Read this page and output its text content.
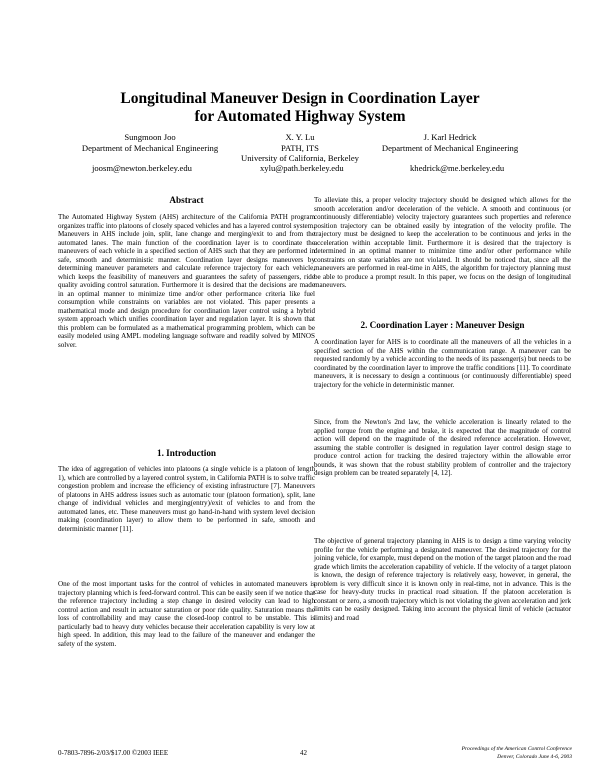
Longitudinal Maneuver Design in Coordination Layer
for Automated Highway System
Sungmoon Joo
Department of Mechanical Engineering
X. Y. Lu
PATH, ITS
J. Karl Hedrick
Department of Mechanical Engineering
University of California, Berkeley
joosm@newton.berkeley.edu	xylu@path.berkeley.edu	khedrick@me.berkeley.edu
Abstract

The Automated Highway System (AHS) architecture of the California PATH program organizes traffic into platoons of closely spaced vehicles and has a layered control system. Maneuvers in AHS include join, split, lane change and merging/exit to and from the automated lanes. The main function of the coordination layer is to coordinate the maneuvers of each vehicle in a specified section of AHS such that they are performed in safe, smooth and deterministic manner. Coordination layer designs maneuvers by determining maneuver parameters and calculate reference trajectory for each vehicle, which keeps the feasibility of maneuvers and guarantees the safety of passengers, ride quality avoiding control saturation. Furthermore it is desired that the decisions are made in an optimal manner to minimize time and/or other performance criteria like fuel consumption while constraints on variables are not violated. This paper presents a mathematical mode and design procedure for coordination layer control using a hybrid system approach which unifies coordination layer and regulation layer. It is shown that this problem can be formulated as a mathematical programming problem, which can be easily modeled using AMPL modeling language software and readily solved by MINOS solver.

1. Introduction

The idea of aggregation of vehicles into platoons (a single vehicle is a platoon of length 1), which are controlled by a layered control system, in California PATH is to solve traffic congestion problem and increase the efficiency of existing infrastructure [7]. Maneuvers of platoons in AHS address issues such as automatic tour (platoon formation), split, lane change of individual vehicles and merging(entry)/exit of vehicles to and from the automated lanes, etc. These maneuvers must go hand-in-hand with system level decision making (coordination layer) to allow them to be performed in safe, smooth and deterministic manner [11].

One of the most important tasks for the control of vehicles in automated maneuvers is trajectory planning which is feed-forward control. This can be easily seen if we notice that the reference trajectory including a step change in desired velocity can lead to high control action and result in actuator saturation or poor ride quality. Saturation means the loss of controllability and may cause the closed-loop control to be unstable. This is particularly bad to heavy duty vehicles because their acceleration capability is very low at high speed. In addition, this may lead to the failure of the maneuver and endanger the safety of the system.

To alleviate this, a proper velocity trajectory should be designed which allows for the smooth acceleration and/or deceleration of the vehicle. A smooth and continuous (or continuously differentiable) velocity trajectory guarantees such properties and reference position trajectory can be obtained easily by integration of the velocity profile. The trajectory must be designed to keep the acceleration to be continuous and jerks in the acceleration within acceptable limit. Furthermore it is desired that the trajectory is determined in an optimal manner to minimize time and/or other performance while constraints on state variables are not violated. It should be noticed that, since all the maneuvers are performed in real-time in AHS, the algorithm for trajectory planning must be able to produce a prompt result. In this paper, we focus on the design of longitudinal maneuvers.

2. Coordination Layer : Maneuver Design

A coordination layer for AHS is to coordinate all the maneuvers of all the vehicles in a specified section of the AHS within the communication range. A maneuver can be requested randomly by a vehicle according to the needs of its passenger(s) but needs to be coordinated by the coordination layer to improve the traffic conditions [11]. To coordinate maneuvers, it is necessary to design a continuous (or continuously differentiable) speed trajectory for the vehicle in deterministic manner.

Since, from the Newton's 2nd law, the vehicle acceleration is linearly related to the applied torque from the engine and brake, it is expected that the magnitude of control action will depend on the magnitude of the desired reference acceleration. However, assuming the stable controller is designed in regulation layer control design stage to produce control action for tracking the desired trajectory within the allowable error bounds, it was shown that the robust stability problem of controller and the trajectory design problem can be treated separately [4, 12].

The objective of general trajectory planning in AHS is to design a time varying velocity profile for the vehicle performing a designated maneuver. The desired trajectory for the joining vehicle, for example, must depend on the motion of the target platoon and the road grade which limits the acceleration capability of vehicle. If the velocity of a target platoon is known, the design of reference trajectory is relatively easy, however, in general, the problem is very difficult since it is known only in real-time, not in advance. This is the case for heavy-duty trucks in practical road situation. If the platoon acceleration is constant or zero, a smooth trajectory which is not violating the given acceleration and jerk limits can be easily designed. Taking into account the physical limit of vehicle (actuator limits) and road

0-7803-7896-2/03/$17.00 ©2003 IEEE	42	Proceedings of the American Control Conference
Denver, Colorado June 4-6, 2003
